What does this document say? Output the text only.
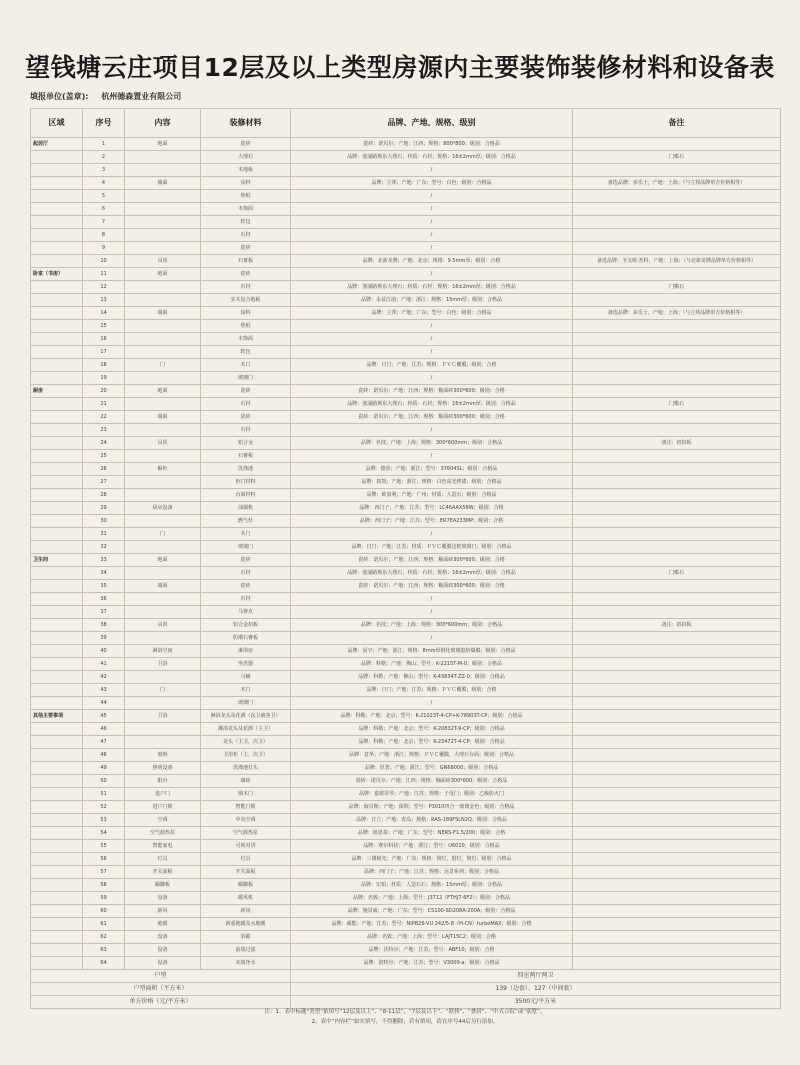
望钱塘云庄项目12层及以上类型房源内主要装饰装修材料和设备表
填报单位(盖章): 杭州德森置业有限公司
区域	序号	内容	装修材料	品牌、产地、规格、级别	备注
起居厅	1	地面	瓷砖	瓷砖：诺贝尔；产地：江西；规格：800*800；级别：合格品	
	2		大理石	品牌：塞浦路斯东大理石；材质：石材；规格：16±2mm厚；级别：合格品	门槛石
	3		木地板	/	
	4	墙面	涂料	品牌：立邦；产地：广东；型号：白色；级别：合格品	备选品牌：多乐士，产地：上海；（与立邦品牌单方价格相等）
	5		壁纸	/	
	6		木饰面	/	
	7		软包	/	
	8		石材	/	
	9		瓷砖	/	
	10	吊顶	石膏板	品牌：北新龙牌；产地：北京；规格：9.5mm厚；级别：合格	备选品牌：圣戈班·杰科，产地：上海；（与北新龙牌品牌单方价格相等）
卧室（书房）	11	地面	瓷砖	/	
	12		石材	品牌：塞浦路斯东大理石；材质：石材；规格：16±2mm厚；级别：合格品	门槛石
	13		实木复合地板	品牌：永益江南；产地：浙江；规格：15mm厚；级别：合格品	
	14	墙面	涂料	品牌：立邦；产地：广东；型号：白色；级别：合格品	备选品牌：多乐士，产地：上海；（与立邦品牌单方价格相等）
	15		壁纸	/	
	16		木饰面	/	
	17		软包	/	
	18	门	木门	品牌：日门；产地：江苏；规格：ＰＶＣ覆膜；级别：合格	
	19		玻璃门	/	
厨房	20	地面	瓷砖	瓷砖：诺贝尔；产地：江西；规格：釉面砖300*600；级别：合格	
	21		石材	品牌：塞浦路斯东大理石；材质：石材；规格：16±2mm厚；级别：合格品	门槛石
	22	墙面	瓷砖	瓷砖：诺贝尔；产地：江西；规格：釉面砖300*600；级别：合格	
	23		石材	/	
	24	吊顶	铝合金	品牌：名技；产地：上海；规格：300*600mm；级别：合格品	备注：铝扣板
	25		石膏板	/	
	26	橱柜	洗涤池	品牌：德莎；产地：浙江；型号：37604SL；级别：合格品	
	27		柜门材料	品牌：拓凯；产地：浙江；规格：白色高光烤漆；级别：合格品	
	28		台面材料	品牌：欧加利；产地：广州；材质：人造石；级别：合格品	
	29	厨房设备	油烟机	品牌：西门子；产地：江苏；型号：LC46AAX58W；级别：合格	
	30		燃气灶	品牌：西门子；产地：江苏；型号：ER7EA233MP；级别：合格	
	31	门	木门	/	
	32		玻璃门	品牌：日门；产地：江苏；材质：ＰＶＣ覆膜边框玻璃门；级别：合格品	
卫生间	33	地面	瓷砖	瓷砖：诺贝尔；产地：江西；规格：釉面砖300*600；级别：合格	
	34		石材	品牌：塞浦路斯东大理石；材质：石材；规格：16±2mm厚；级别：合格品	门槛石
	35	墙面	瓷砖	瓷砖：诺贝尔；产地：江西；规格：釉面砖300*600；级别：合格	
	36		石材	/	
	37		马赛克	/	
	38	吊顶	铝合金扣板	品牌：名技；产地：上海；规格：300*600mm；级别：合格品	备注：铝扣板
	39		防潮石膏板	/	
	40	淋浴空间	淋浴房	品牌：夏宇；产地：浙江；规格：8mm厚钢化玻璃胶防爆膜；级别：合格品	
	41	卫浴	坐洗器	品牌：科勒；产地：佛山；型号：K-2215T-M-0；级别：合格品	
	42		马桶	品牌：科勒；产地：佛山；型号：K-43834T-ZZ-0；级别：合格品	
	43	门	木门	品牌：日门；产地：江苏；规格：ＰＶＣ覆膜；级别：合格	
	44		玻璃门	/	
其他主要事项	45	卫浴	淋浴龙头及花洒（次卫被客卫）	品牌：科勒；产地：北京；型号：K-21023T-4-CP+K-78903T-CP；级别：合格品	
	46		淋浴龙头及花洒（主卫）	品牌：科勒；产地：北京；型号：K-20832T-9-CP；级别：合格品	
	47		龙头（主卫，次卫）	品牌：科勒；产地：北京；型号：K-23472T-4-CP；级别：合格品	
	48	收纳	卫浴柜（主，次卫）	品牌：意华；产地：浙江；规格：ＰＶＣ覆膜，大理石台面；级别：合格品	
	49	照明设备	洗涤池灯头	品牌：厚普；产地：浙江；型号：GN68000；级别：合格品	
	50	阳台	墙砖	瓷砖：诺贝尔；产地：江西；规格：釉面砖300*600；级别：合格品	
	51	进户门	钢木门	品牌：嘉珺菲琴；产地：江苏；规格：子母门；级别：乙级防火门	
	52	进户门锁	智能门锁	品牌：海贝斯；产地：深圳；型号：P3010四合一玻璃金色；级别：合格品	
	53	空调	中央空调	品牌：日立；产地：青岛；规格：RAS-189FSLN2Q；级别：合格品	
	54	空气源热泵	空气源热泵	品牌：纽恩泰；产地：广东；型号：NERS-F1.5/200；级别：合格	
	55	智能家电	可视对讲	品牌：赛尔科技；产地：浙江；型号：U6010；级别：合格品	
	56	灯具	灯具	品牌：三雄极光；产地：广东；规格：筒灯，射灯，筒灯；级别：合格品	
	57	开关面板	开关面板	品牌：西门子；产地：江苏；规格：远景系列；级别：合格品	
	58	踢脚板	踢脚板	品牌：宏柏；材质：人造石石；规格：15mm厚；级别：合格品	
	59	设备	暖风机	品牌：名致；产地：上海；型号：J3712（FTHJ7-6F2）；级别：合格品	
	60	新风	新风	品牌：施景威；产地：广东；型号：CS100-SD208A-200A；级别：合格品	
	61	地暖	新重地暖及水地暖	品牌：威能；产地：江苏；型号：NIPB26-VU 242/5-8（H-CN）turboMAX；级别：合格	
	62	设备	浴霸	品牌：名致；产地：上海；型号：LAJT15C2；级别：合格	
	63	设备	前端过滤	品牌：沃特尔；产地：江苏；型号：ABF10；级别：合格	
	64	设备	末端净水	品牌：滨特尔；产地：江苏；型号：V3000-a；级别：合格品	
户型				四室两厅两卫	
户型面积（平方米）				139（边套）、127（中间套）	
单方价格（元/平方米）				3500元/平方米	
注：1、表中标题“类型”依填写“12层及以上”、“8-11层”、“7层及以下”、“联排”、“叠拼”、“中式合院”或“别墅”。
2、表中“内容栏”如实填写，不得删除；若有填项，请在序号44后另行添加。
